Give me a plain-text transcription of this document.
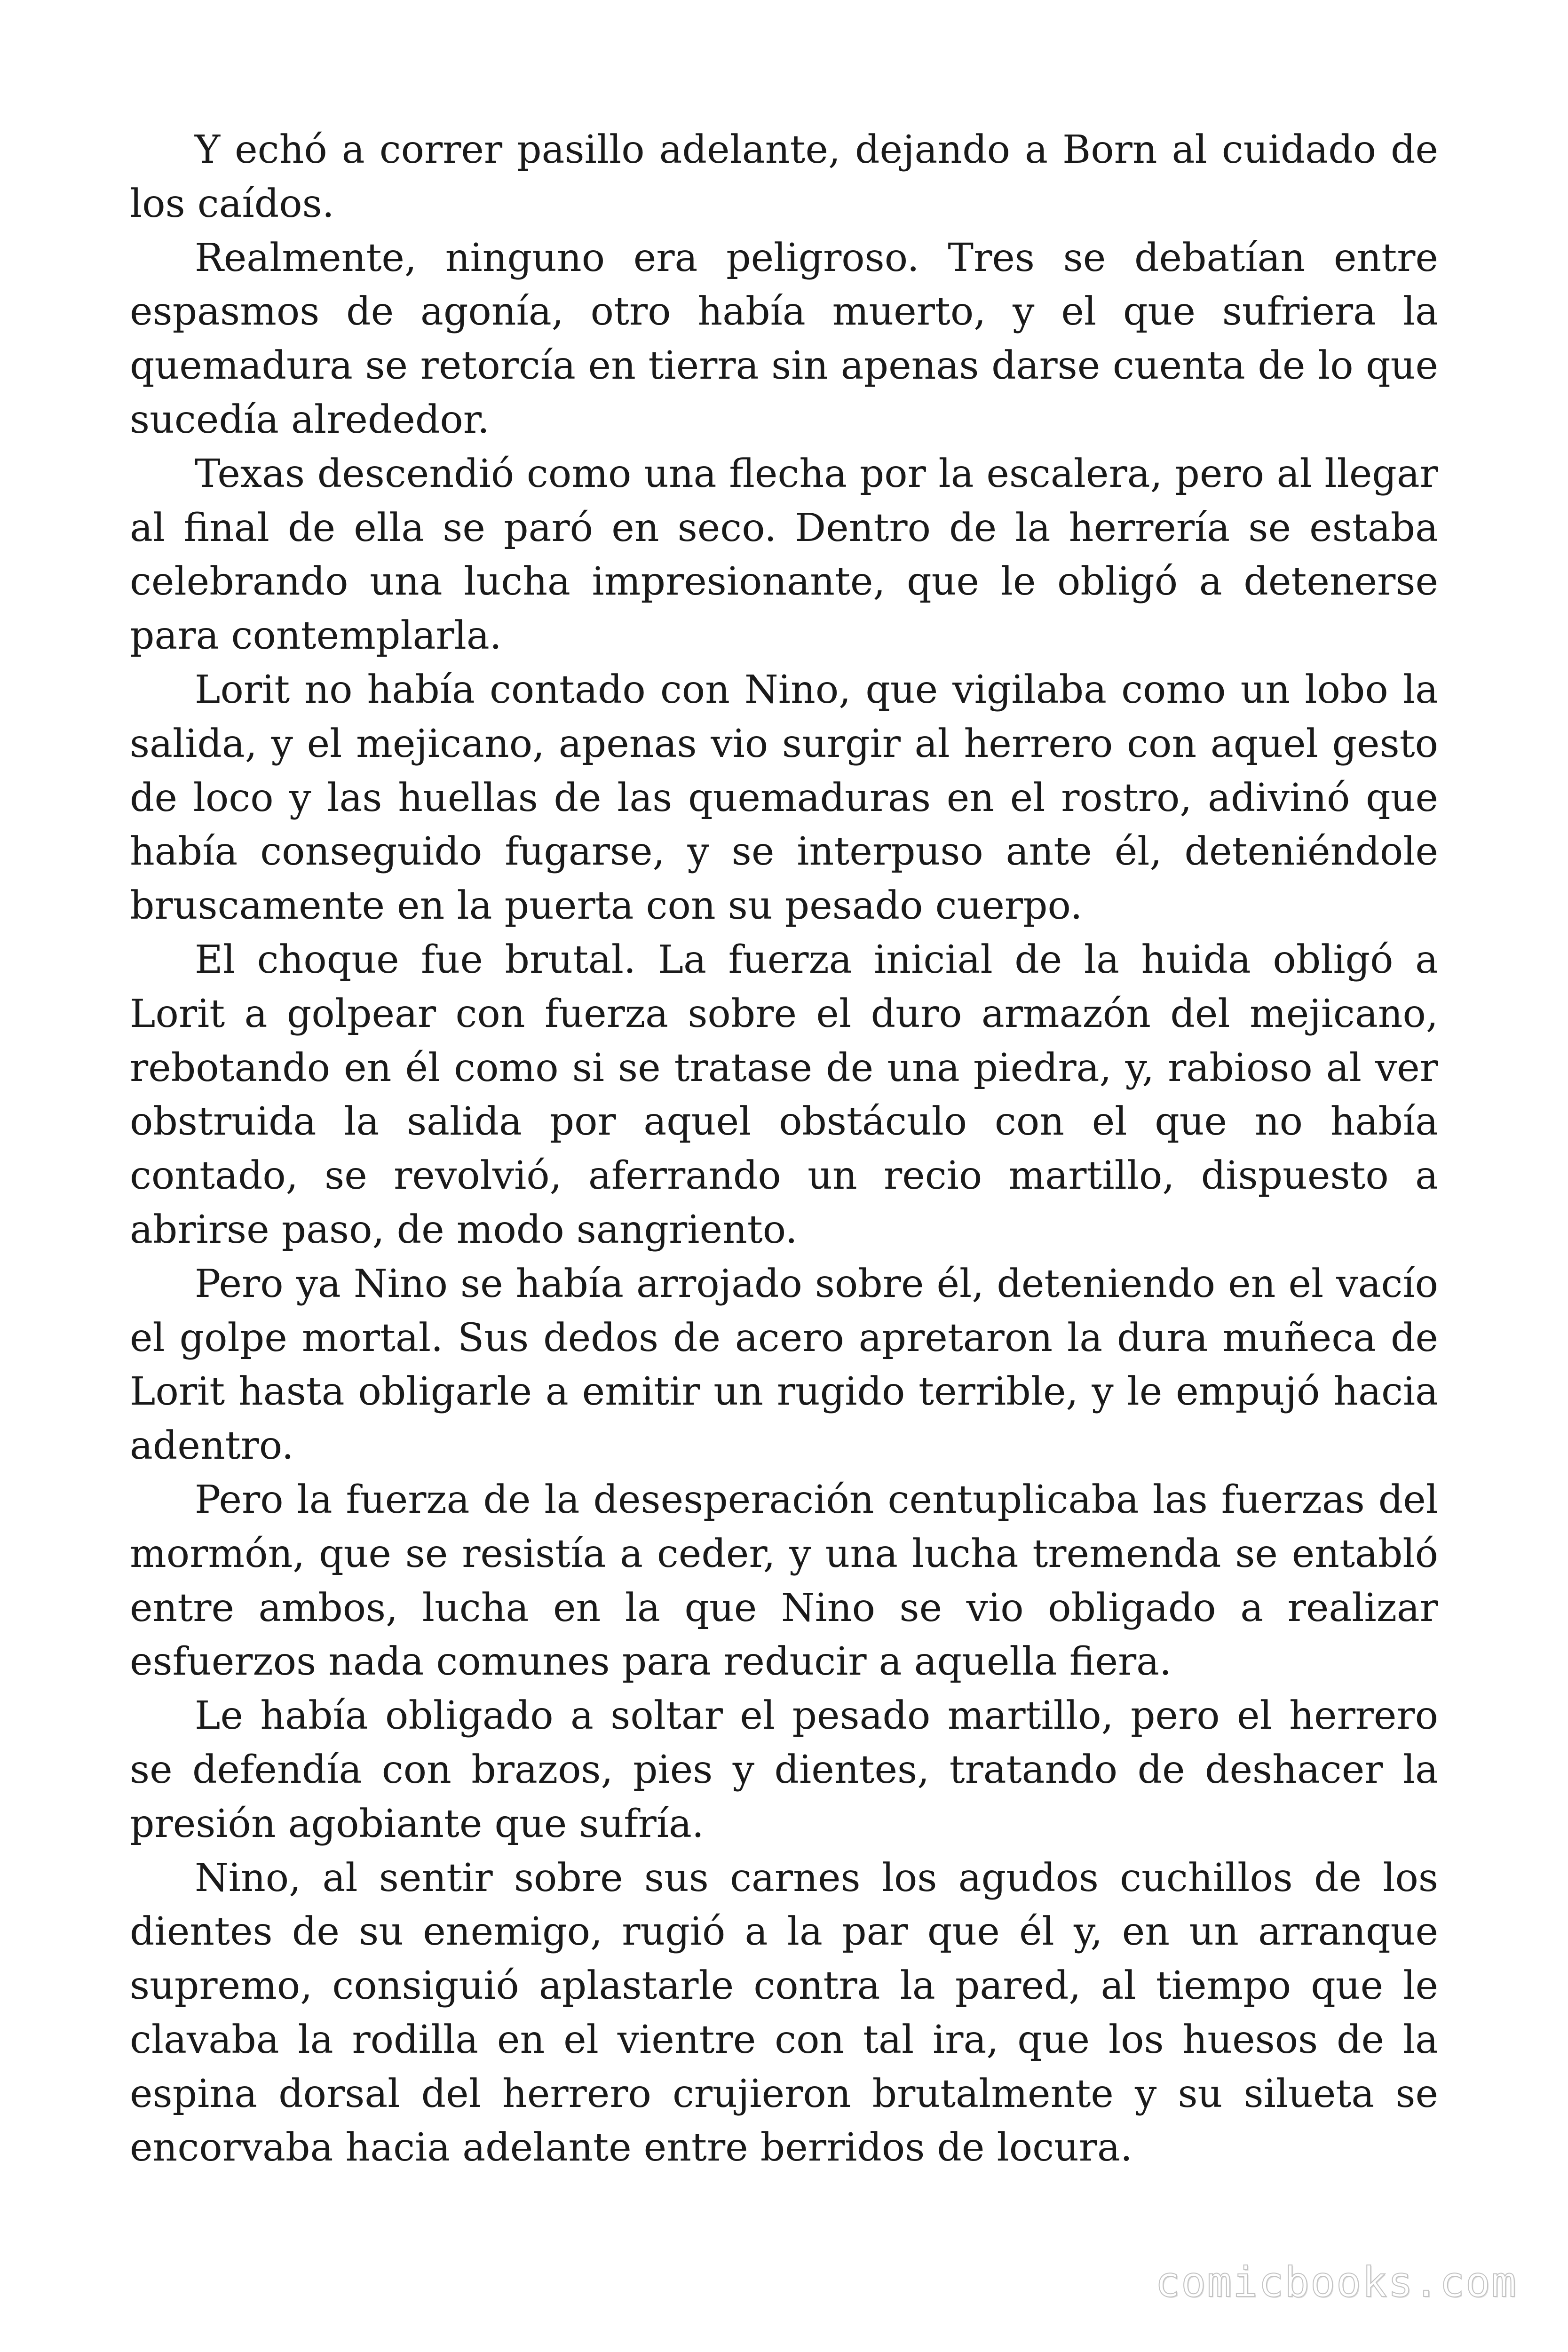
Y echó a correr pasillo adelante, dejando a Born al cuidado de los caídos.

Realmente, ninguno era peligroso. Tres se debatían entre espasmos de agonía, otro había muerto, y el que sufriera la quemadura se retorcía en tierra sin apenas darse cuenta de lo que sucedía alrededor.

Texas descendió como una flecha por la escalera, pero al llegar al final de ella se paró en seco. Dentro de la herrería se estaba celebrando una lucha impresionante, que le obligó a detenerse para contemplarla.

Lorit no había contado con Nino, que vigilaba como un lobo la salida, y el mejicano, apenas vio surgir al herrero con aquel gesto de loco y las huellas de las quemaduras en el rostro, adivinó que había conseguido fugarse, y se interpuso ante él, deteniéndole bruscamente en la puerta con su pesado cuerpo.

El choque fue brutal. La fuerza inicial de la huida obligó a Lorit a golpear con fuerza sobre el duro armazón del mejicano, rebotando en él como si se tratase de una piedra, y, rabioso al ver obstruida la salida por aquel obstáculo con el que no había contado, se revolvió, aferrando un recio martillo, dispuesto a abrirse paso, de modo sangriento.

Pero ya Nino se había arrojado sobre él, deteniendo en el vacío el golpe mortal. Sus dedos de acero apretaron la dura muñeca de Lorit hasta obligarle a emitir un rugido terrible, y le empujó hacia adentro.

Pero la fuerza de la desesperación centuplicaba las fuerzas del mormón, que se resistía a ceder, y una lucha tremenda se entabló entre ambos, lucha en la que Nino se vio obligado a realizar esfuerzos nada comunes para reducir a aquella fiera.

Le había obligado a soltar el pesado martillo, pero el herrero se defendía con brazos, pies y dientes, tratando de deshacer la presión agobiante que sufría.

Nino, al sentir sobre sus carnes los agudos cuchillos de los dientes de su enemigo, rugió a la par que él y, en un arranque supremo, consiguió aplastarle contra la pared, al tiempo que le clavaba la rodilla en el vientre con tal ira, que los huesos de la espina dorsal del herrero crujieron brutalmente y su silueta se encorvaba hacia adelante entre berridos de locura.

comicbooks.com
